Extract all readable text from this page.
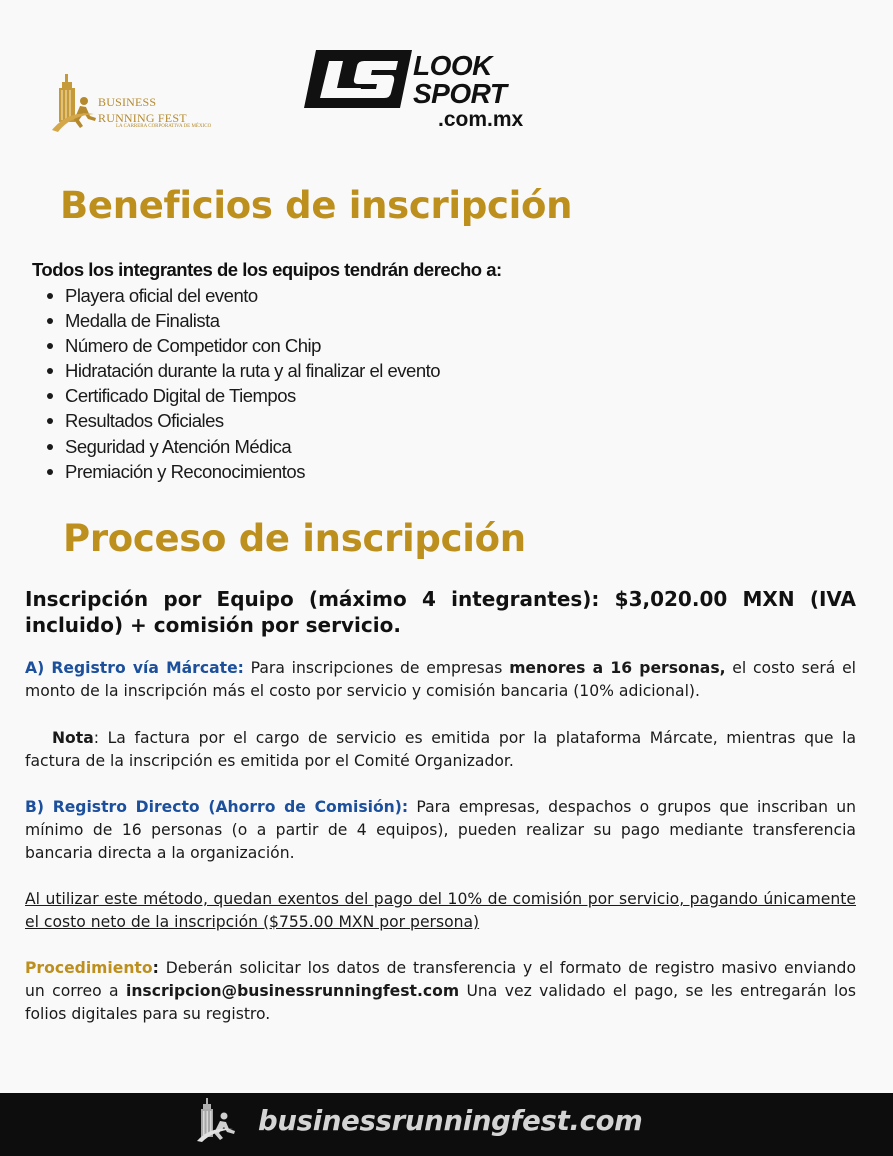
BUSINESS
RUNNING FEST
LA CARRERA CORPORATIVA DE MÉXICO
LOOK
SPORT
.com.mx
Beneficios de inscripción
Todos los integrantes de los equipos tendrán derecho a:
Playera oficial del evento
Medalla de Finalista
Número de Competidor con Chip
Hidratación durante la ruta y al finalizar el evento
Certificado Digital de Tiempos
Resultados Oficiales
Seguridad y Atención Médica
Premiación y Reconocimientos
Proceso de inscripción
Inscripción por Equipo (máximo 4 integrantes): $3,020.00 MXN (IVA incluido) + comisión por servicio.
A) Registro vía Márcate: Para inscripciones de empresas menores a 16 personas, el costo será el monto de la inscripción más el costo por servicio y comisión bancaria (10% adicional).
Nota: La factura por el cargo de servicio es emitida por la plataforma Márcate, mientras que la factura de la inscripción es emitida por el Comité Organizador.
B) Registro Directo (Ahorro de Comisión): Para empresas, despachos o grupos que inscriban un mínimo de 16 personas (o a partir de 4 equipos), pueden realizar su pago mediante transferencia bancaria directa a la organización.
Al utilizar este método, quedan exentos del pago del 10% de comisión por servicio, pagando únicamente el costo neto de la inscripción ($755.00 MXN por persona)
Procedimiento: Deberán solicitar los datos de transferencia y el formato de registro masivo enviando un correo a inscripcion@businessrunningfest.com Una vez validado el pago, se les entregarán los folios digitales para su registro.
businessrunningfest.com
